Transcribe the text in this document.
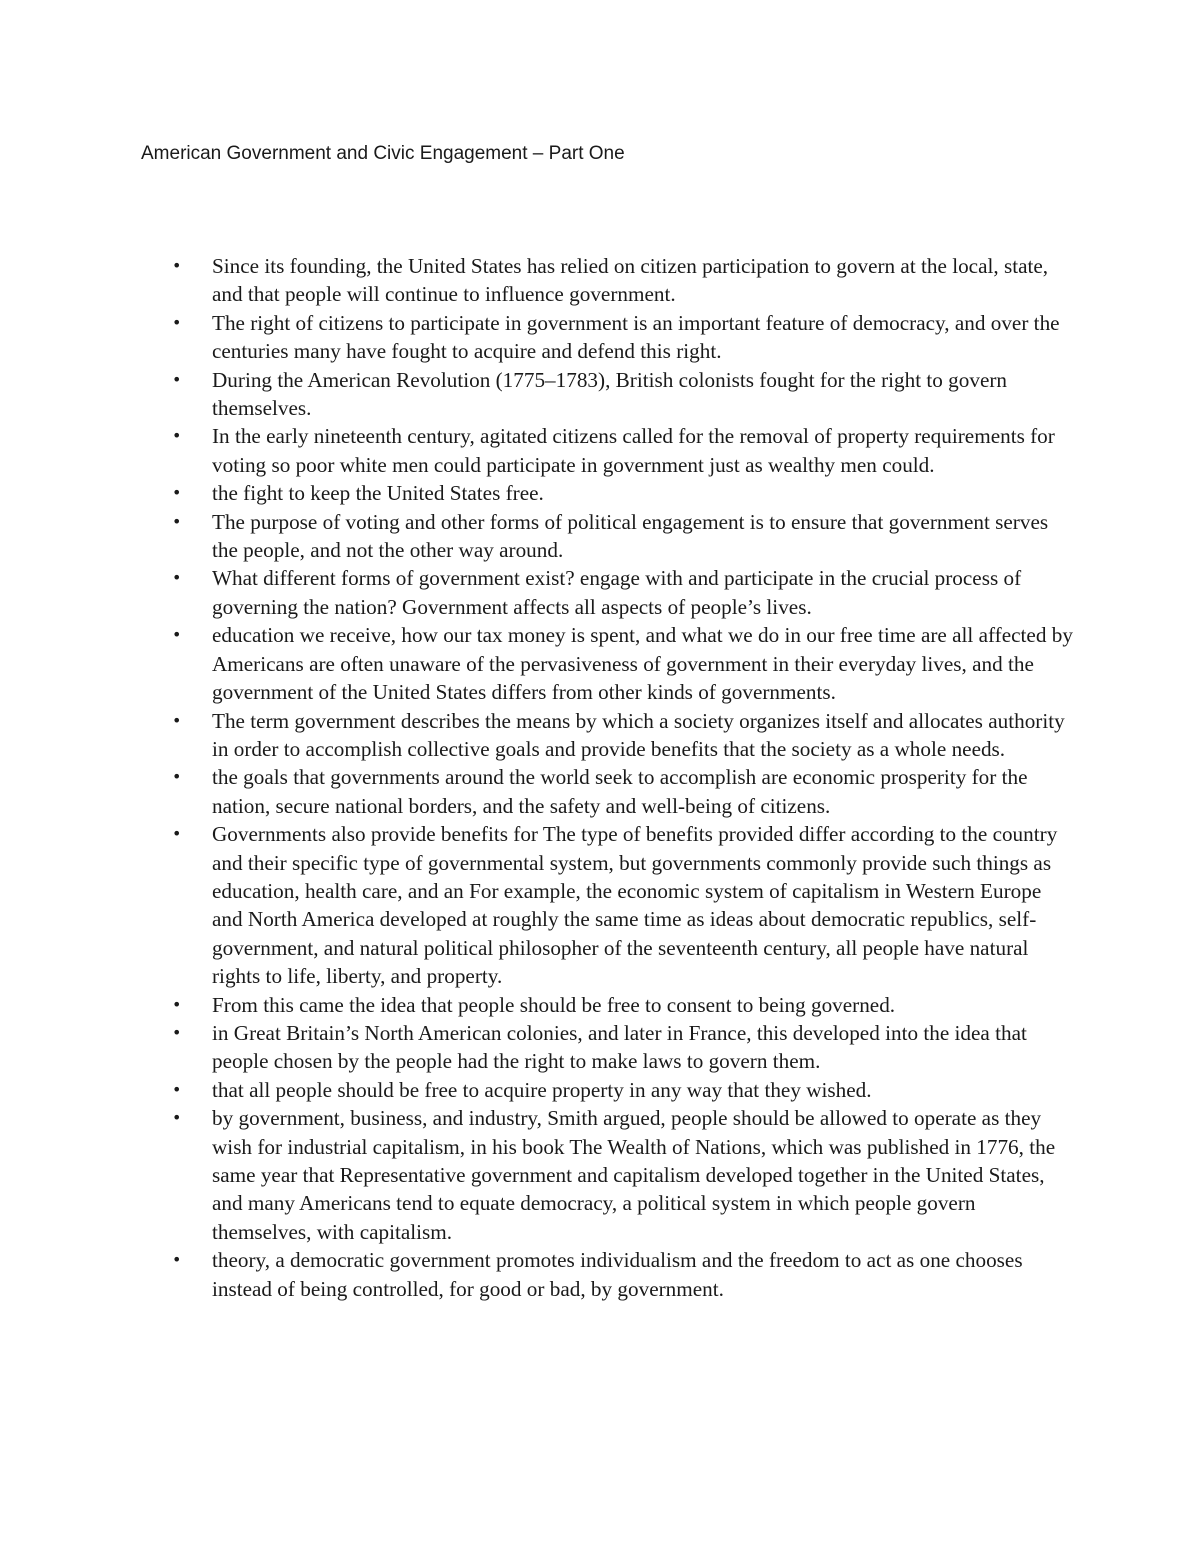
American Government and Civic Engagement – Part One
• Since its founding, the United States has relied on citizen participation to govern at the local, state, and that people will continue to influence government.
• The right of citizens to participate in government is an important feature of democracy, and over the centuries many have fought to acquire and defend this right.
• During the American Revolution (1775–1783), British colonists fought for the right to govern themselves.
• In the early nineteenth century, agitated citizens called for the removal of property requirements for voting so poor white men could participate in government just as wealthy men could.
• the fight to keep the United States free.
• The purpose of voting and other forms of political engagement is to ensure that government serves the people, and not the other way around.
• What different forms of government exist? engage with and participate in the crucial process of governing the nation? Government affects all aspects of people’s lives.
• education we receive, how our tax money is spent, and what we do in our free time are all affected by Americans are often unaware of the pervasiveness of government in their everyday lives, and the government of the United States differs from other kinds of governments.
• The term government describes the means by which a society organizes itself and allocates authority in order to accomplish collective goals and provide benefits that the society as a whole needs.
• the goals that governments around the world seek to accomplish are economic prosperity for the nation, secure national borders, and the safety and well-being of citizens.
• Governments also provide benefits for The type of benefits provided differ according to the country and their specific type of governmental system, but governments commonly provide such things as education, health care, and an For example, the economic system of capitalism in Western Europe and North America developed at roughly the same time as ideas about democratic republics, self-government, and natural political philosopher of the seventeenth century, all people have natural rights to life, liberty, and property.
• From this came the idea that people should be free to consent to being governed.
• in Great Britain’s North American colonies, and later in France, this developed into the idea that people chosen by the people had the right to make laws to govern them.
• that all people should be free to acquire property in any way that they wished.
• by government, business, and industry, Smith argued, people should be allowed to operate as they wish for industrial capitalism, in his book The Wealth of Nations, which was published in 1776, the same year that Representative government and capitalism developed together in the United States, and many Americans tend to equate democracy, a political system in which people govern themselves, with capitalism.
• theory, a democratic government promotes individualism and the freedom to act as one chooses instead of being controlled, for good or bad, by government.
